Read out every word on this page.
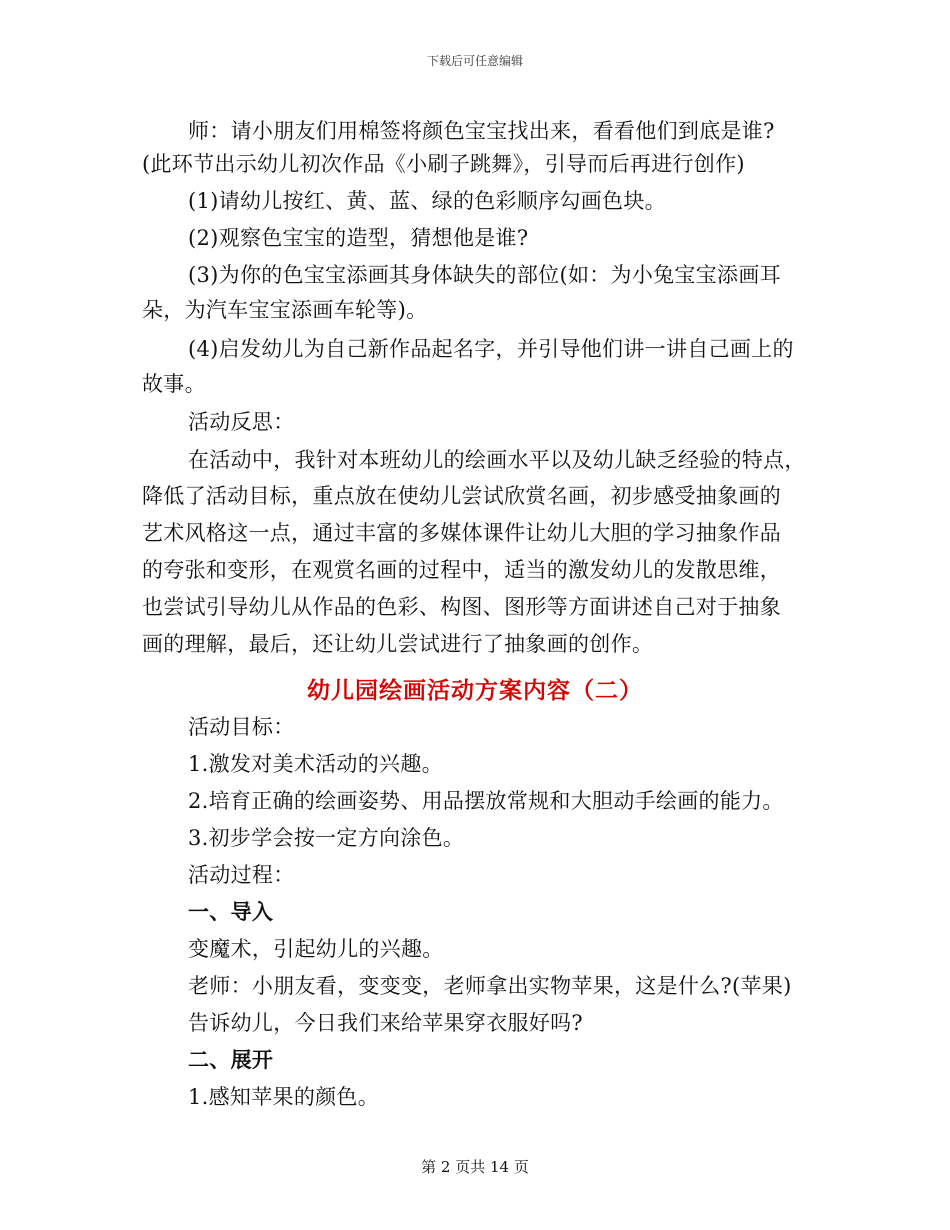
下载后可任意编辑
师：请小朋友们用棉签将颜色宝宝找出来，看看他们到底是谁?
(此环节出示幼儿初次作品《小刷子跳舞》，引导而后再进行创作)
(1)请幼儿按红、黄、蓝、绿的色彩顺序勾画色块。
(2)观察色宝宝的造型，猜想他是谁?
(3)为你的色宝宝添画其身体缺失的部位(如：为小兔宝宝添画耳
朵，为汽车宝宝添画车轮等)。
(4)启发幼儿为自己新作品起名字，并引导他们讲一讲自己画上的
故事。
活动反思：
在活动中，我针对本班幼儿的绘画水平以及幼儿缺乏经验的特点，
降低了活动目标，重点放在使幼儿尝试欣赏名画，初步感受抽象画的
艺术风格这一点，通过丰富的多媒体课件让幼儿大胆的学习抽象作品
的夸张和变形，在观赏名画的过程中，适当的激发幼儿的发散思维，
也尝试引导幼儿从作品的色彩、构图、图形等方面讲述自己对于抽象
画的理解，最后，还让幼儿尝试进行了抽象画的创作。
幼儿园绘画活动方案内容（二）
活动目标：
1.激发对美术活动的兴趣。
2.培育正确的绘画姿势、用品摆放常规和大胆动手绘画的能力。
3.初步学会按一定方向涂色。
活动过程：
一、导入
变魔术，引起幼儿的兴趣。
老师：小朋友看，变变变，老师拿出实物苹果，这是什么?(苹果)
告诉幼儿，今日我们来给苹果穿衣服好吗?
二、展开
1.感知苹果的颜色。
第 2 页共 14 页
